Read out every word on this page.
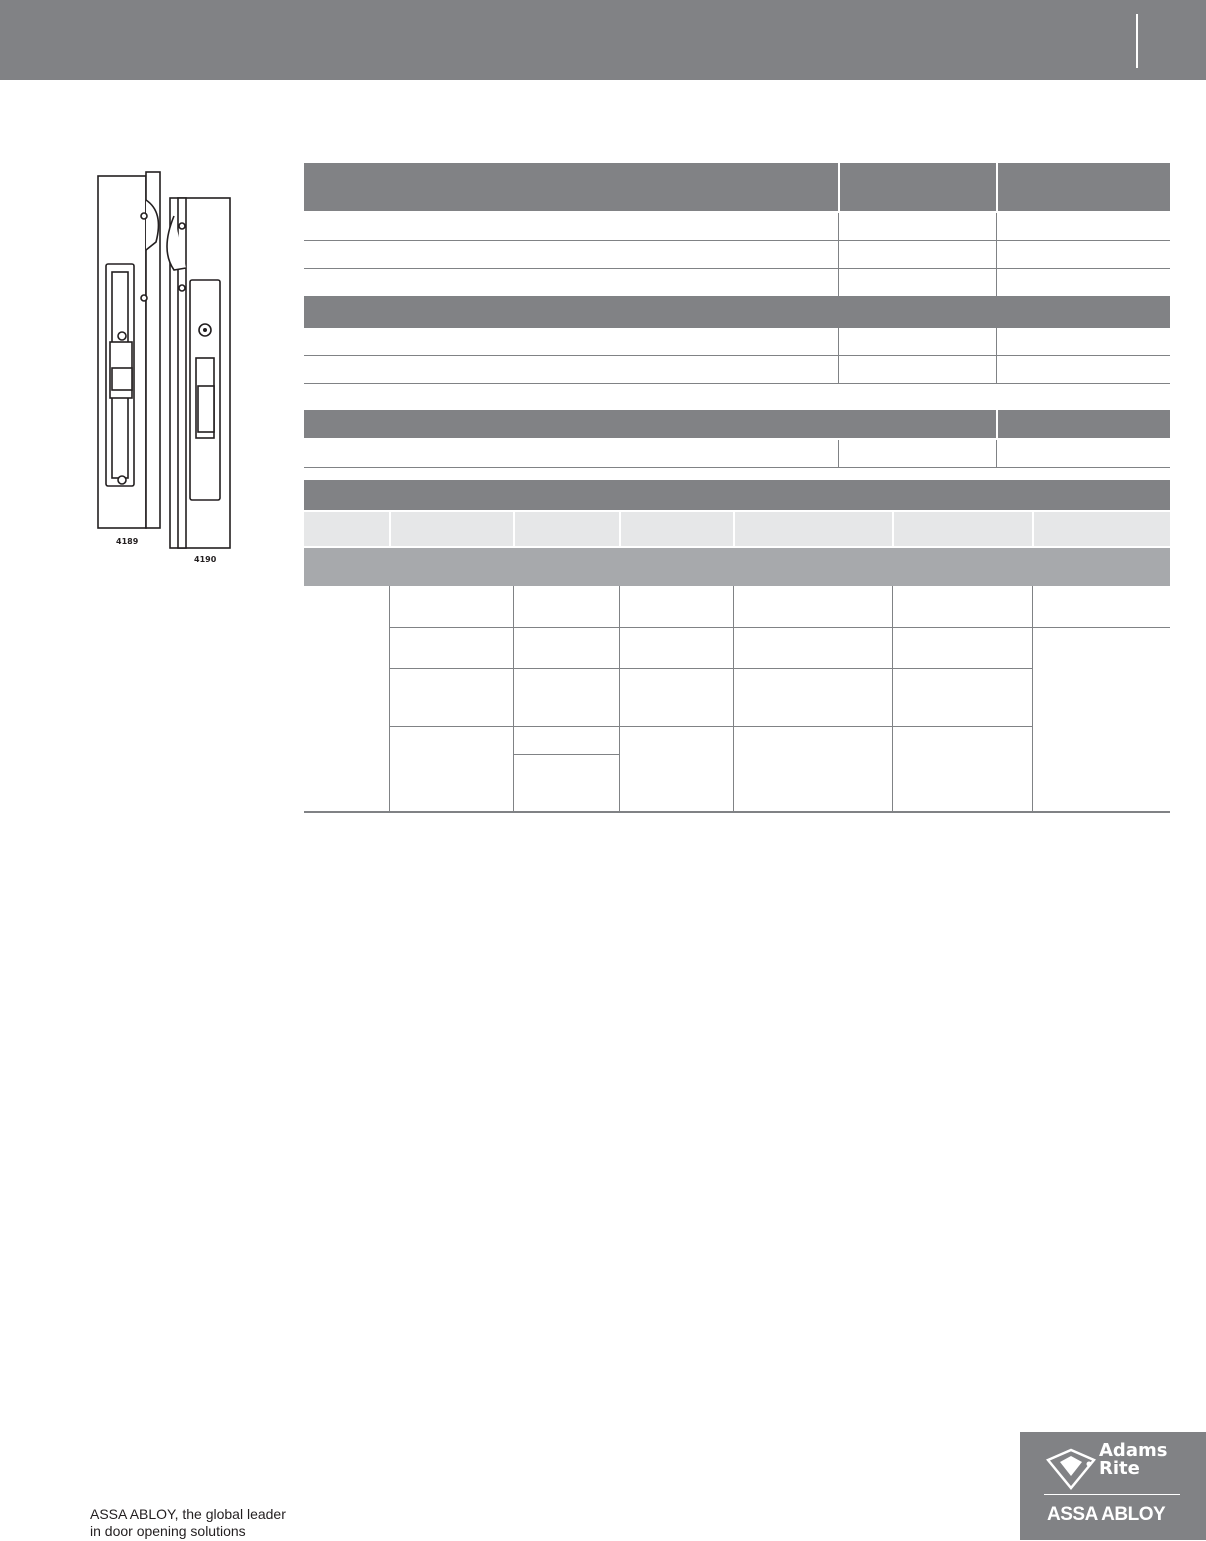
4189
4190
ASSA ABLOY, the global leader
in door opening solutions
Adams
Rite
ASSA ABLOY
